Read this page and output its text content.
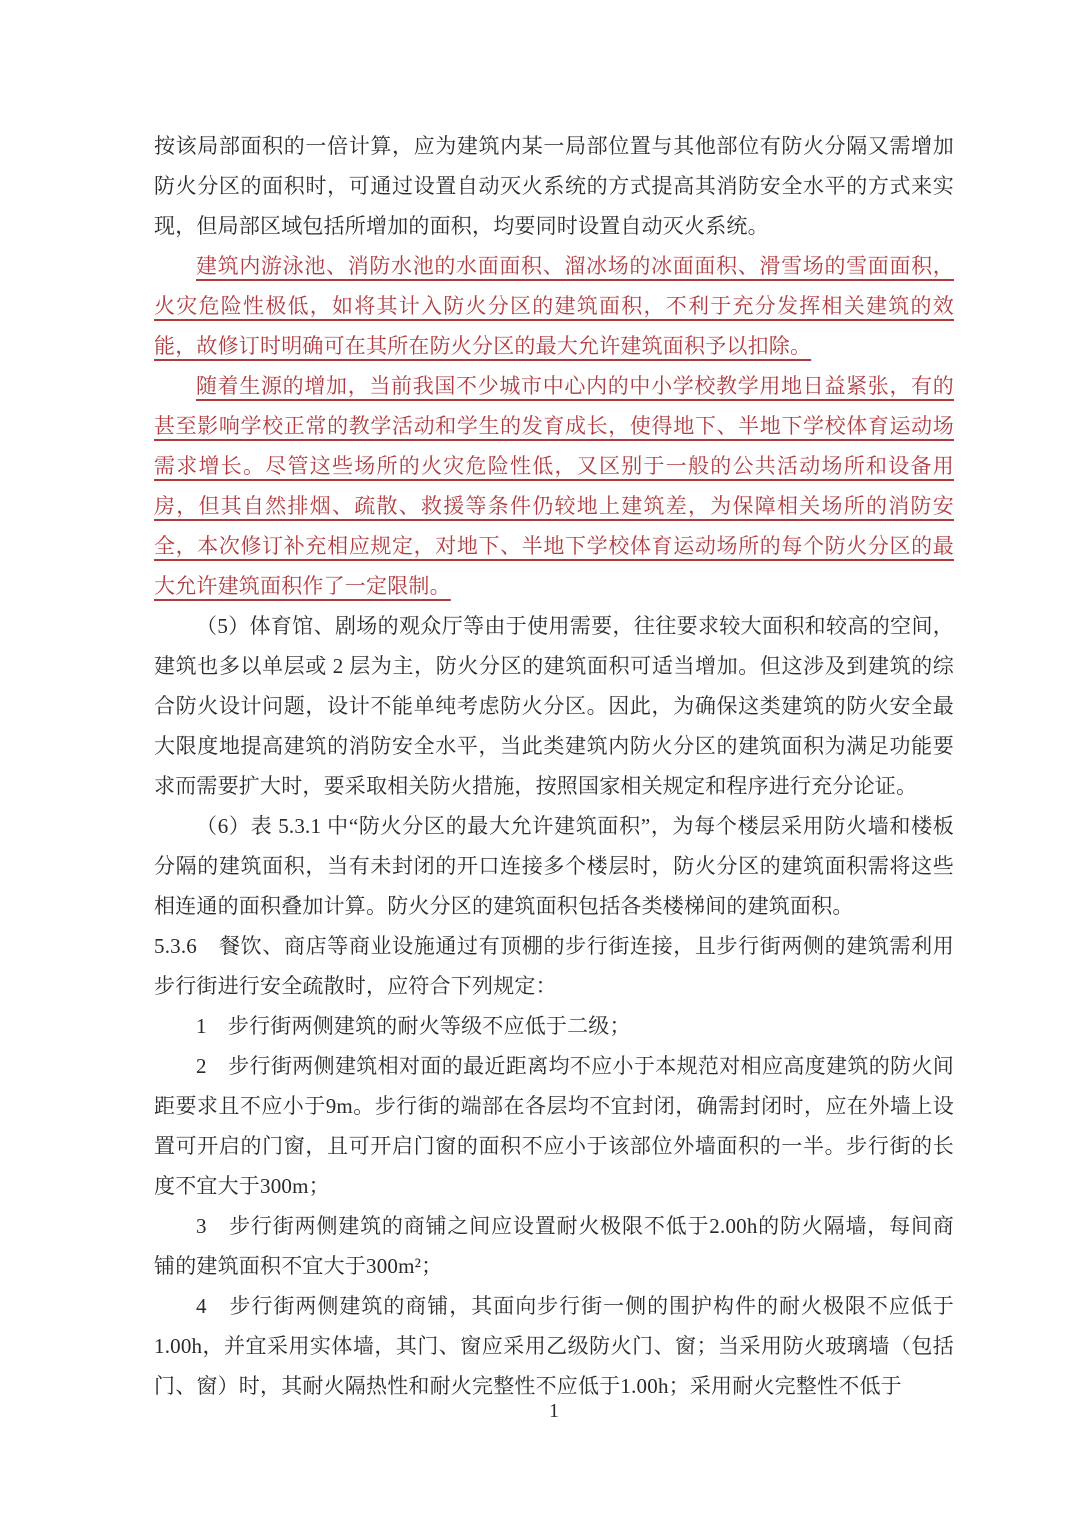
按该局部面积的一倍计算，应为建筑内某一局部位置与其他部位有防火分隔又需增加防火分区的面积时，可通过设置自动灭火系统的方式提高其消防安全水平的方式来实现，但局部区域包括所增加的面积，均要同时设置自动灭火系统。

建筑内游泳池、消防水池的水面面积、溜冰场的冰面面积、滑雪场的雪面面积，火灾危险性极低，如将其计入防火分区的建筑面积，不利于充分发挥相关建筑的效能，故修订时明确可在其所在防火分区的最大允许建筑面积予以扣除。

随着生源的增加，当前我国不少城市中心内的中小学校教学用地日益紧张，有的甚至影响学校正常的教学活动和学生的发育成长，使得地下、半地下学校体育运动场需求增长。尽管这些场所的火灾危险性低，又区别于一般的公共活动场所和设备用房，但其自然排烟、疏散、救援等条件仍较地上建筑差，为保障相关场所的消防安全，本次修订补充相应规定，对地下、半地下学校体育运动场所的每个防火分区的最大允许建筑面积作了一定限制。

（5）体育馆、剧场的观众厅等由于使用需要，往往要求较大面积和较高的空间，建筑也多以单层或 2 层为主，防火分区的建筑面积可适当增加。但这涉及到建筑的综合防火设计问题，设计不能单纯考虑防火分区。因此，为确保这类建筑的防火安全最大限度地提高建筑的消防安全水平，当此类建筑内防火分区的建筑面积为满足功能要求而需要扩大时，要采取相关防火措施，按照国家相关规定和程序进行充分论证。

（6）表 5.3.1 中“防火分区的最大允许建筑面积”，为每个楼层采用防火墙和楼板分隔的建筑面积，当有未封闭的开口连接多个楼层时，防火分区的建筑面积需将这些相连通的面积叠加计算。防火分区的建筑面积包括各类楼梯间的建筑面积。

5.3.6　餐饮、商店等商业设施通过有顶棚的步行街连接，且步行街两侧的建筑需利用步行街进行安全疏散时，应符合下列规定：

1　步行街两侧建筑的耐火等级不应低于二级；

2　步行街两侧建筑相对面的最近距离均不应小于本规范对相应高度建筑的防火间距要求且不应小于9m。步行街的端部在各层均不宜封闭，确需封闭时，应在外墙上设置可开启的门窗，且可开启门窗的面积不应小于该部位外墙面积的一半。步行街的长度不宜大于300m；

3　步行街两侧建筑的商铺之间应设置耐火极限不低于2.00h的防火隔墙，每间商铺的建筑面积不宜大于300m²；

4　步行街两侧建筑的商铺，其面向步行街一侧的围护构件的耐火极限不应低于1.00h，并宜采用实体墙，其门、窗应采用乙级防火门、窗；当采用防火玻璃墙（包括门、窗）时，其耐火隔热性和耐火完整性不应低于1.00h；采用耐火完整性不低于

1
